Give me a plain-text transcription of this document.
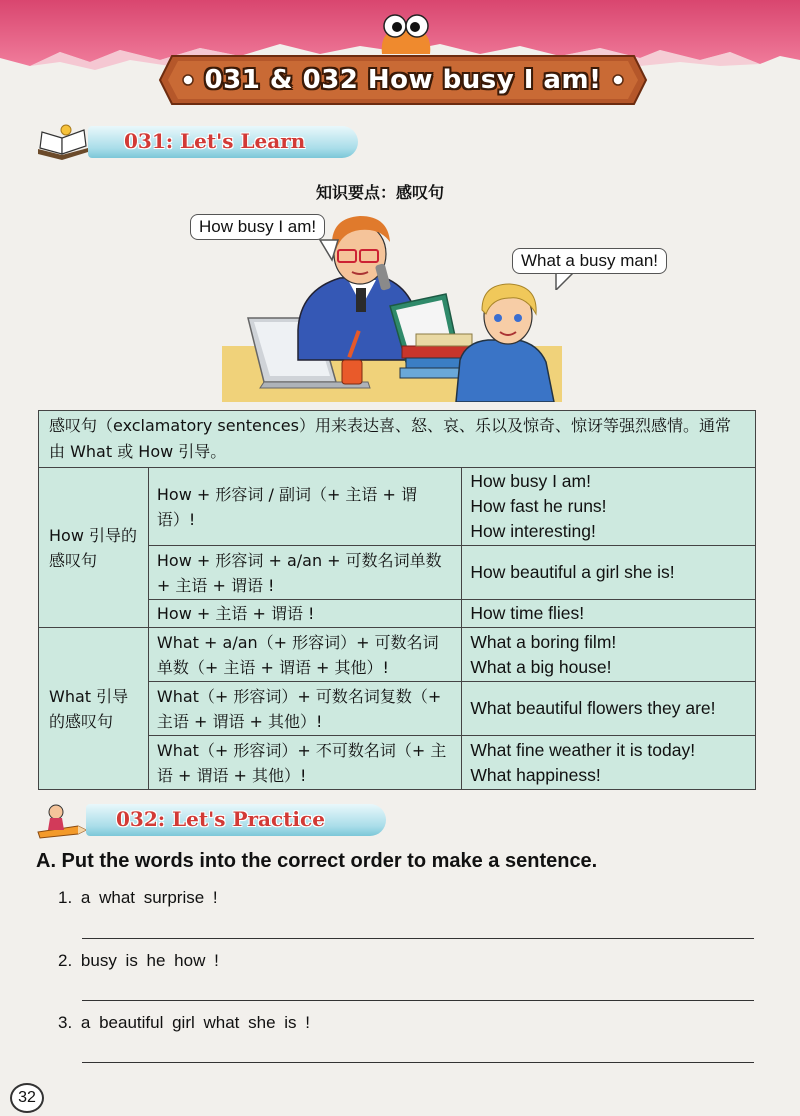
031 & 032 How busy I am!
031: Let's Learn
知识要点：感叹句
How busy I am!
What a busy man!
感叹句（exclamatory sentences）用来表达喜、怒、哀、乐以及惊奇、惊讶等强烈感情。通常由 What 或 How 引导。		
How 引导的感叹句	How + 形容词 / 副词（+ 主语 + 谓语）!	How busy I am!
How fast he runs!
How interesting!

	How + 形容词 + a/an + 可数名词单数 + 主语 + 谓语 !	How beautiful a girl she is!

	How + 主语 + 谓语 !	How time flies!

What 引导的感叹句	What + a/an（+ 形容词）+ 可数名词单数（+ 主语 + 谓语 + 其他）!	What a boring film!
What a big house!

	What（+ 形容词）+ 可数名词复数（+ 主语 + 谓语 + 其他）!	What beautiful flowers they are!

	What（+ 形容词）+ 不可数名词（+ 主语 + 谓语 + 其他）!	What fine weather it is today!
What happiness!
032: Let's Practice
A. Put the words into the correct order to make a sentence.
1. a what surprise !
2. busy is he how !
3. a beautiful girl what she is !
32
